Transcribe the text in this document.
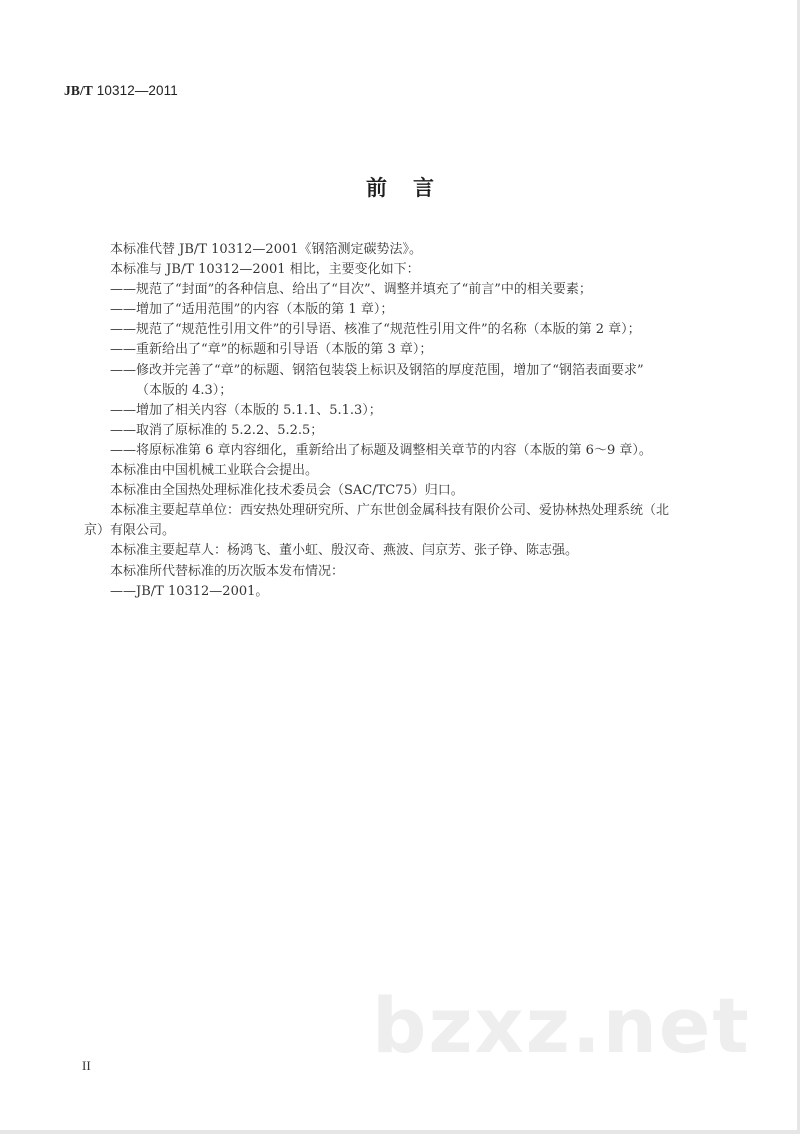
JB/T 10312—2011
前言

本标准代替 JB/T 10312—2001《钢箔测定碳势法》。

本标准与 JB/T 10312—2001 相比，主要变化如下：

——规范了“封面”的各种信息、给出了“目次”、调整并填充了“前言”中的相关要素；

——增加了“适用范围”的内容（本版的第 1 章）；

——规范了“规范性引用文件”的引导语、核准了“规范性引用文件”的名称（本版的第 2 章）；

——重新给出了“章”的标题和引导语（本版的第 3 章）；

——修改并完善了“章”的标题、钢箔包装袋上标识及钢箔的厚度范围，增加了“钢箔表面要求”

（本版的 4.3）；

——增加了相关内容（本版的 5.1.1、5.1.3）；

——取消了原标准的 5.2.2、5.2.5；

——将原标准第 6 章内容细化，重新给出了标题及调整相关章节的内容（本版的第 6～9 章）。

本标准由中国机械工业联合会提出。

本标准由全国热处理标准化技术委员会（SAC/TC75）归口。

本标准主要起草单位：西安热处理研究所、广东世创金属科技有限价公司、爱协林热处理系统（北

京）有限公司。

本标准主要起草人：杨鸿飞、董小虹、殷汉奇、燕波、闫京芳、张子铮、陈志强。

本标准所代替标准的历次版本发布情况：

——JB/T 10312—2001。

bzxz.net
II
